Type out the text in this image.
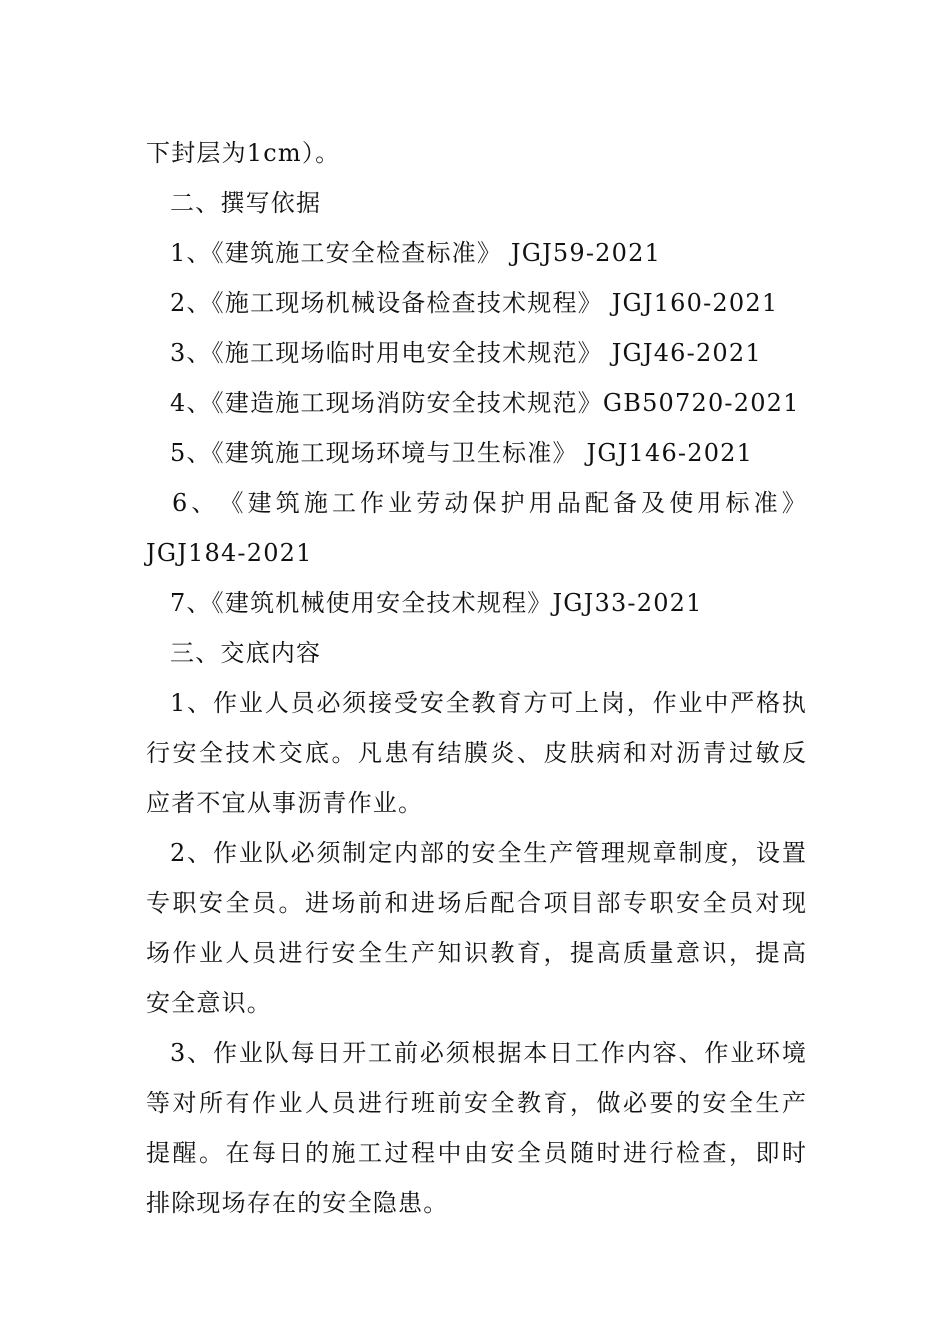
下封层为1cm）。
二、撰写依据
1、《建筑施工安全检查标准》 JGJ59-2021
2、《施工现场机械设备检查技术规程》 JGJ160-2021
3、《施工现场临时用电安全技术规范》 JGJ46-2021
4、《建造施工现场消防安全技术规范》GB50720-2021
5、《建筑施工现场环境与卫生标准》 JGJ146-2021
6 、 《 建 筑 施 工 作 业 劳 动 保 护 用 品 配 备 及 使 用 标 准 》
JGJ184-2021
7、《建筑机械使用安全技术规程》JGJ33-2021
三、交底内容
1 、 作 业 人 员 必 须 接 受 安 全 教 育 方 可 上 岗 ， 作 业 中 严 格 执
行 安 全 技 术 交 底 。 凡 患 有 结 膜 炎 、 皮 肤 病 和 对 沥 青 过 敏 反
应者不宜从事沥青作业。
2 、 作 业 队 必 须 制 定 内 部 的 安 全 生 产 管 理 规 章 制 度 ， 设 置
专 职 安 全 员 。 进 场 前 和 进 场 后 配 合 项 目 部 专 职 安 全 员 对 现
场 作 业 人 员 进 行 安 全 生 产 知 识 教 育 ， 提 高 质 量 意 识 ， 提 高
安全意识。
3 、 作 业 队 每 日 开 工 前 必 须 根 据 本 日 工 作 内 容 、 作 业 环 境
等 对 所 有 作 业 人 员 进 行 班 前 安 全 教 育 ， 做 必 要 的 安 全 生 产
提 醒 。 在 每 日 的 施 工 过 程 中 由 安 全 员 随 时 进 行 检 查 ， 即 时
排除现场存在的安全隐患。
